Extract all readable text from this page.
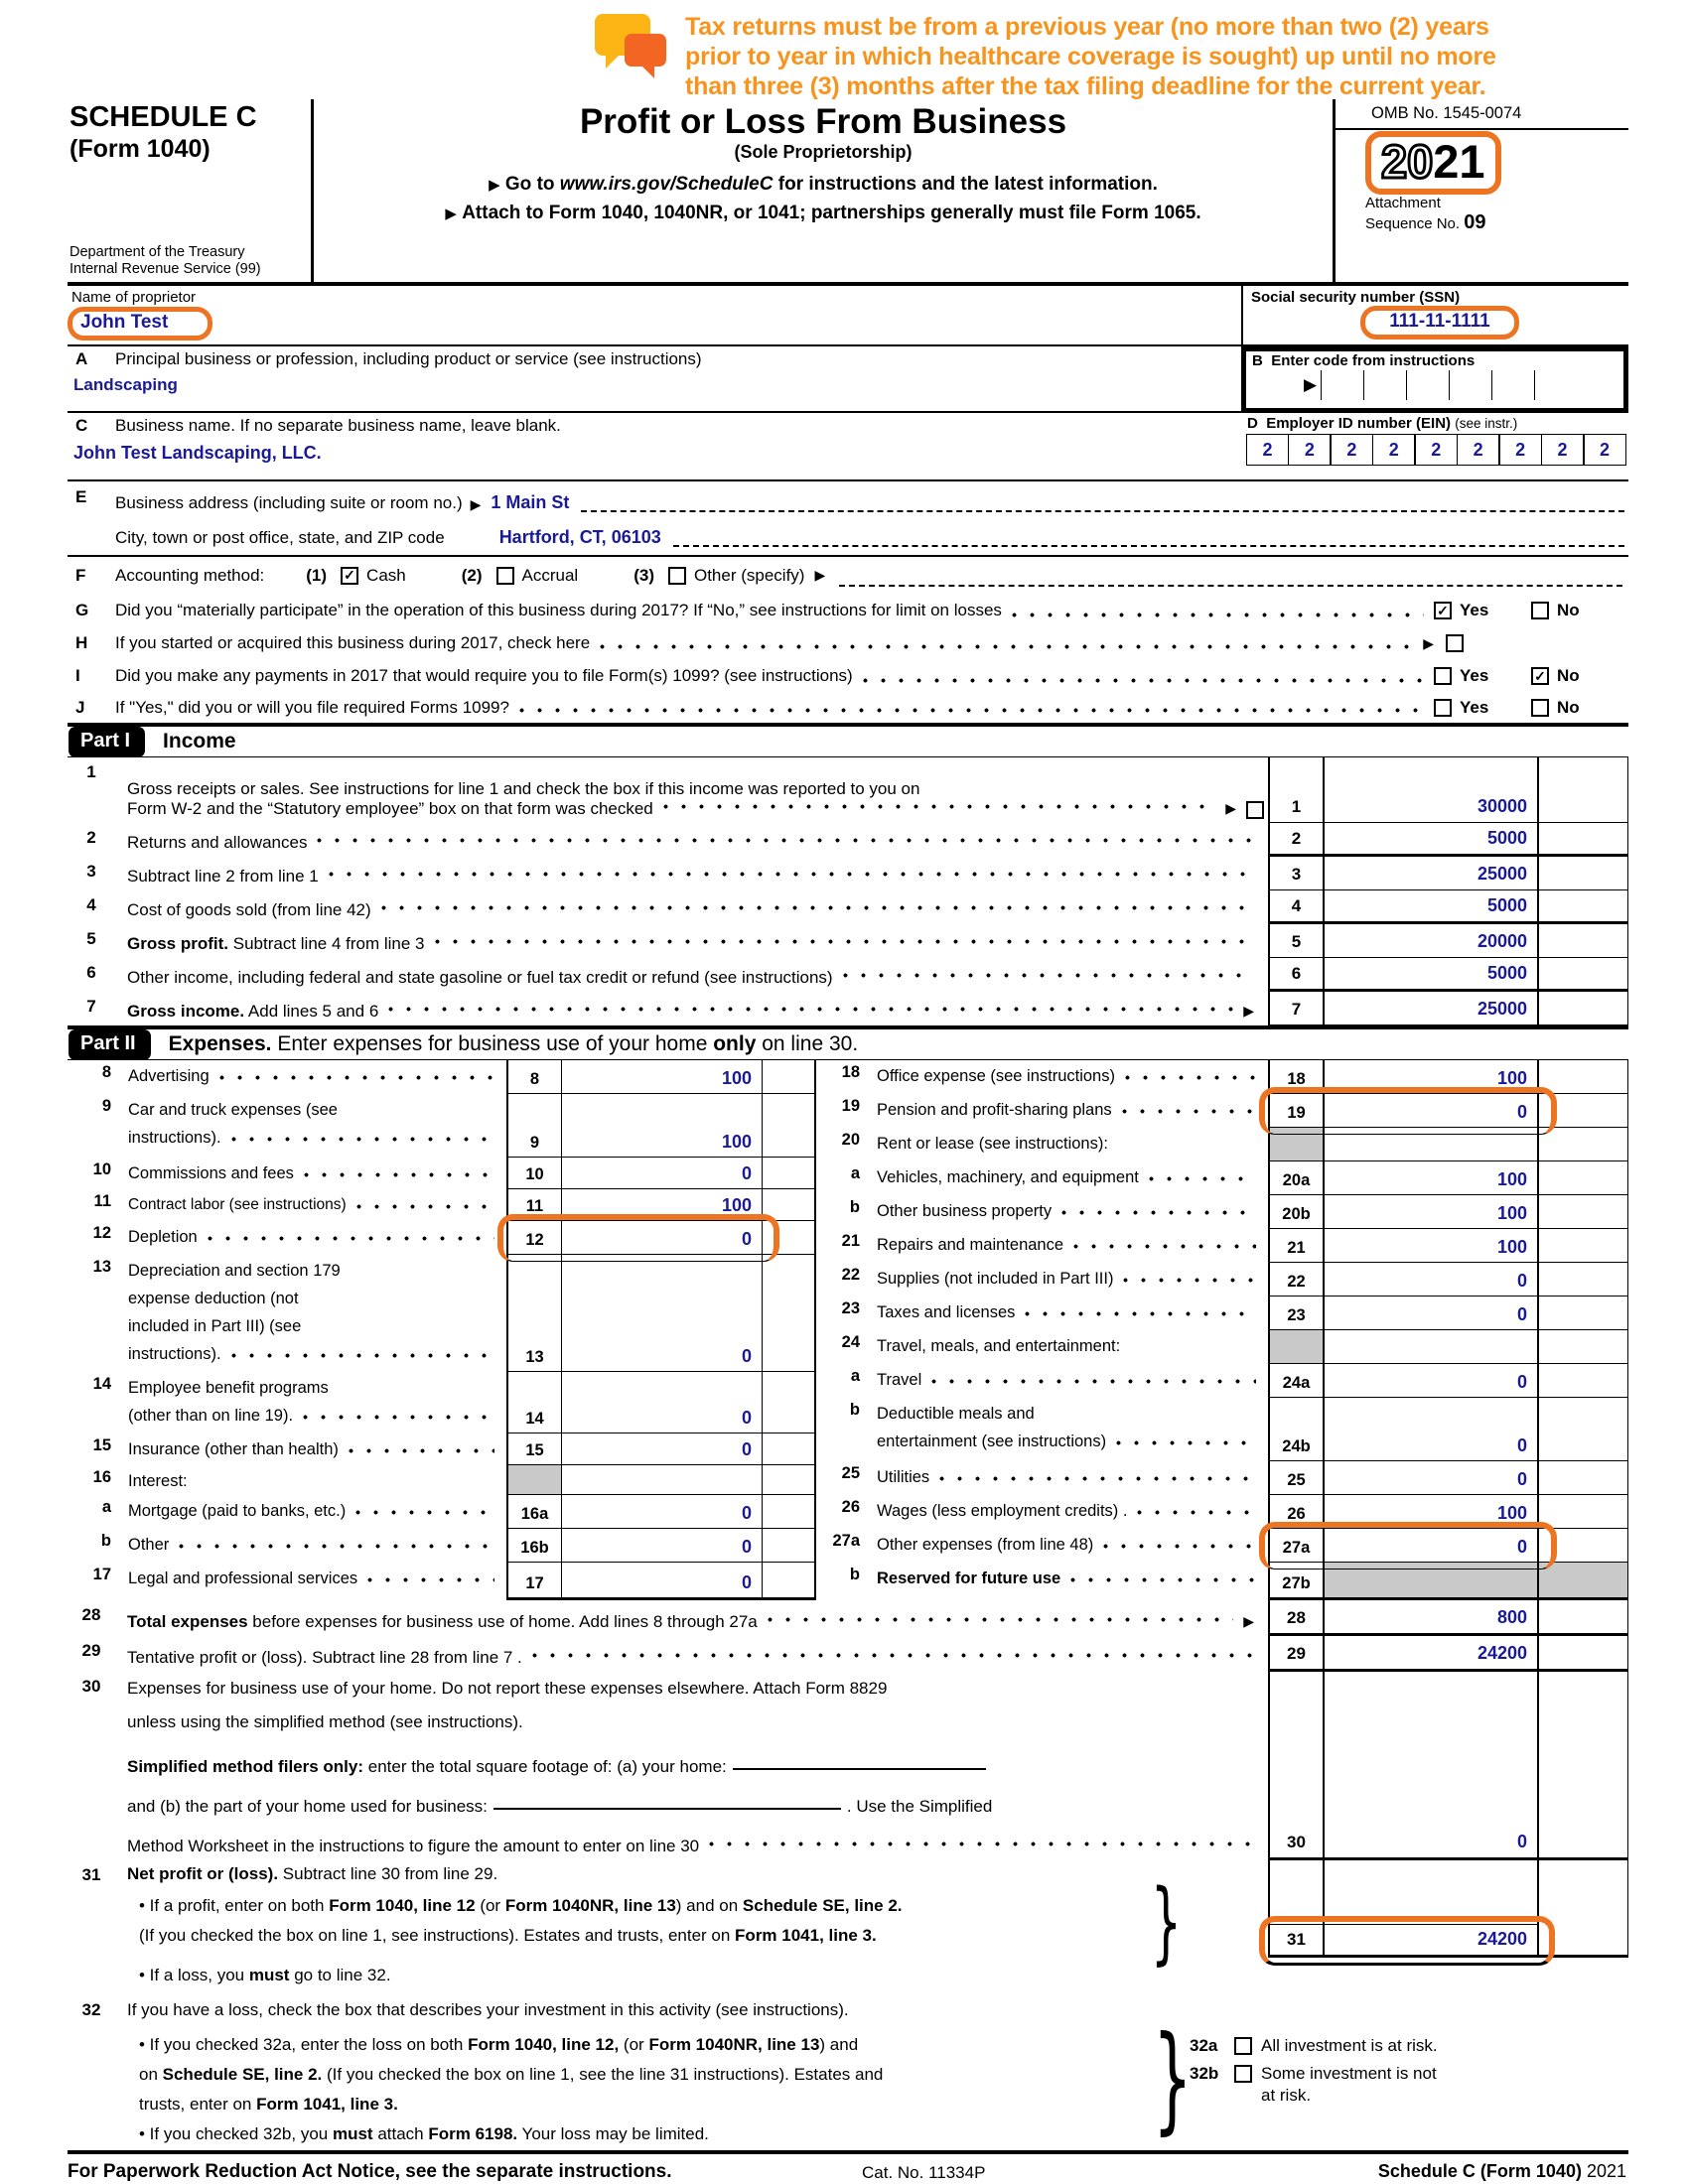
Tax returns must be from a previous year (no more than two (2) years
prior to year in which healthcare coverage is sought) up until no more
than three (3) months after the tax filing deadline for the current year.
SCHEDULE C
(Form 1040)
Department of the Treasury
Internal Revenue Service (99)
Profit or Loss From Business
(Sole Proprietorship)
▶ Go to www.irs.gov/ScheduleC for instructions and the latest information.
▶ Attach to Form 1040, 1040NR, or 1041; partnerships generally must file Form 1065.
OMB No. 1545-0074
2021
Attachment
Sequence No. 09
Name of proprietor
John Test
Social security number (SSN)
111-11-1111
A Principal business or profession, including product or service (see instructions)
Landscaping
B Enter code from instructions
▶
C Business name. If no separate business name, leave blank.
John Test Landscaping, LLC.
D Employer ID number (EIN) (see instr.)
2	2	2	2	2	2	2	2	2
E	Business address (including suite or room no.) ▶ 1 Main St
City, town or post office, state, and ZIP code	Hartford, CT, 06103
F	Accounting method: (1) ✓ Cash	(2) Accrual	(3) Other (specify) ▶
G	Did you “materially participate” in the operation of this business during 2017? If “No,” see instructions for limit on losses	✓ Yes	No
H	If you started or acquired this business during 2017, check here	▶
I	Did you make any payments in 2017 that would require you to file Form(s) 1099? (see instructions)	Yes	✓ No
J	If "Yes," did you or will you file required Forms 1099?	Yes	No
Part I	Income
1
Gross receipts or sales. See instructions for line 1 and check the box if this income was reported to you on
Form W-2 and the “Statutory employee” box on that form was checked	▶	1	30000
2	Returns and allowances	2	5000
3	Subtract line 2 from line 1	3	25000
4	Cost of goods sold (from line 42)	4	5000
5	Gross profit. Subtract line 4 from line 3	5	20000
6	Other income, including federal and state gasoline or fuel tax credit or refund (see instructions)	6	5000
7	Gross income. Add lines 5 and 6	▶	7	25000
Part II	Expenses. Enter expenses for business use of your home only on line 30.
8 Advertising	8	100
9 Car and truck expenses (see
instructions).	9	100
10 Commissions and fees	10	0
11 Contract labor (see instructions)	11	100
12 Depletion	12	0
13 Depreciation and section 179
expense deduction (not
included in Part III) (see
instructions).	13	0
14 Employee benefit programs
(other than on line 19).	14	0
15 Insurance (other than health)	15	0
16 Interest:
a Mortgage (paid to banks, etc.)	16a	0
b Other	16b	0
17 Legal and professional services	17	0
18 Office expense (see instructions)	18	100
19 Pension and profit-sharing plans	19	0
20 Rent or lease (see instructions):
a Vehicles, machinery, and equipment	20a	100
b Other business property	20b	100
21 Repairs and maintenance	21	100
22 Supplies (not included in Part III)	22	0
23 Taxes and licenses	23	0
24 Travel, meals, and entertainment:
a Travel	24a	0
b Deductible meals and
entertainment (see instructions)	24b	0
25 Utilities	25	0
26 Wages (less employment credits) .	26	100
27a Other expenses (from line 48)	27a	0
b Reserved for future use	27b
28	Total expenses before expenses for business use of home. Add lines 8 through 27a	▶	28	800
29	Tentative profit or (loss). Subtract line 28 from line 7 .	29	24200
30	Expenses for business use of your home. Do not report these expenses elsewhere. Attach Form 8829
unless using the simplified method (see instructions).
Simplified method filers only: enter the total square footage of: (a) your home:
and (b) the part of your home used for business:	. Use the Simplified
Method Worksheet in the instructions to figure the amount to enter on line 30	30	0
}
31	Net profit or (loss). Subtract line 30 from line 29.
• If a profit, enter on both Form 1040, line 12 (or Form 1040NR, line 13) and on Schedule SE, line 2.
(If you checked the box on line 1, see instructions). Estates and trusts, enter on Form 1041, line 3.	31	24200
• If a loss, you must go to line 32.
}
32	If you have a loss, check the box that describes your investment in this activity (see instructions).
• If you checked 32a, enter the loss on both Form 1040, line 12, (or Form 1040NR, line 13) and
on Schedule SE, line 2. (If you checked the box on line 1, see the line 31 instructions). Estates and
trusts, enter on Form 1041, line 3.
• If you checked 32b, you must attach Form 6198. Your loss may be limited.
32a	All investment is at risk.
32b	Some investment is not
at risk.
For Paperwork Reduction Act Notice, see the separate instructions.	Cat. No. 11334P	Schedule C (Form 1040) 2021
